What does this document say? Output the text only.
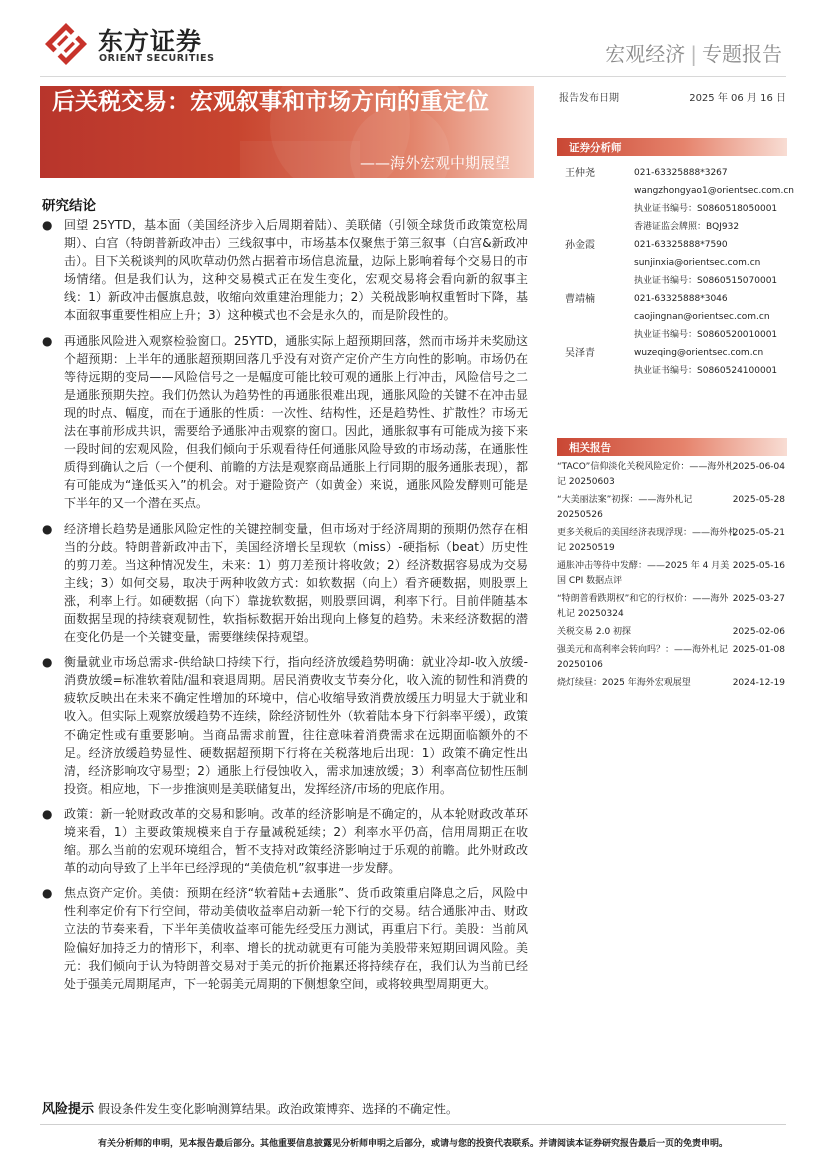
东方证券
ORIENT SECURITIES	宏观经济 | 专题报告
后关税交易：宏观叙事和市场方向的重定位
——海外宏观中期展望
报告发布日期	2025 年 06 月 16 日
证券分析师
王仲尧	021-63325888*3267
wangzhongyao1@orientsec.com.cn
执业证书编号：S0860518050001
香港证监会牌照：BQJ932
孙金霞	021-63325888*7590
sunjinxia@orientsec.com.cn
执业证书编号：S0860515070001
曹靖楠	021-63325888*3046
caojingnan@orientsec.com.cn
执业证书编号：S0860520010001
吴泽青	wuzeqing@orientsec.com.cn
执业证书编号：S0860524100001
相关报告
“TACO”信仰淡化关税风险定价：——海外札记 20250603
2025-06-04
“大美丽法案”初探：——海外札记 20250526
2025-05-28
更多关税后的美国经济表现浮现：——海外札记 20250519
2025-05-21
通胀冲击等待中发酵：——2025 年 4 月美国 CPI 数据点评
2025-05-16
“特朗普看跌期权”和它的行权价：——海外札记 20250324
2025-03-27
关税交易 2.0 初探	2025-02-06
强美元和高利率会转向吗？：——海外札记 20250106
2025-01-08
烧灯续昼：2025 年海外宏观展望	2024-12-19
研究结论
● 回望 25YTD，基本面（美国经济步入后周期着陆）、美联储（引领全球货币政策宽松周期）、白宫（特朗普新政冲击）三线叙事中，市场基本仅聚焦于第三叙事（白宫&新政冲击）。目下关税谈判的风吹草动仍然占据着市场信息流量，边际上影响着每个交易日的市场情绪。但是我们认为，这种交易模式正在发生变化，宏观交易将会看向新的叙事主线：1）新政冲击偃旗息鼓，收缩向效重建治理能力；2）关税战影响权重暂时下降，基本面叙事重要性相应上升；3）这种模式也不会是永久的，而是阶段性的。
● 再通胀风险进入观察检验窗口。25YTD，通胀实际上超预期回落，然而市场并未奖励这个超预期：上半年的通胀超预期回落几乎没有对资产定价产生方向性的影响。市场仍在等待远期的变局——风险信号之一是幅度可能比较可观的通胀上行冲击，风险信号之二是通胀预期失控。我们仍然认为趋势性的再通胀很难出现，通胀风险的关键不在冲击显现的时点、幅度，而在于通胀的性质：一次性、结构性，还是趋势性、扩散性？市场无法在事前形成共识，需要给予通胀冲击观察的窗口。因此，通胀叙事有可能成为接下来一段时间的宏观风险，但我们倾向于乐观看待任何通胀风险导致的市场动荡，在通胀性质得到确认之后（一个便利、前瞻的方法是观察商品通胀上行同期的服务通胀表现），都有可能成为“逢低买入”的机会。对于避险资产（如黄金）来说，通胀风险发酵则可能是下半年的又一个潜在买点。
● 经济增长趋势是通胀风险定性的关键控制变量，但市场对于经济周期的预期仍然存在相当的分歧。特朗普新政冲击下，美国经济增长呈现软（miss）-硬指标（beat）历史性的剪刀差。当这种情况发生，未来：1）剪刀差预计将收敛；2）经济数据容易成为交易主线；3）如何交易，取决于两种收敛方式：如软数据（向上）看齐硬数据，则股票上涨，利率上行。如硬数据（向下）靠拢软数据，则股票回调，利率下行。目前伴随基本面数据呈现的持续衰观韧性，软指标数据开始出现向上修复的趋势。未来经济数据的潜在变化仍是一个关键变量，需要继续保持观望。
● 衡量就业市场总需求-供给缺口持续下行，指向经济放缓趋势明确：就业冷却-收入放缓-消费放缓=标准软着陆/温和衰退周期。居民消费收支节奏分化，收入流的韧性和消费的疲软反映出在未来不确定性增加的环境中，信心收缩导致消费放缓压力明显大于就业和收入。但实际上观察放缓趋势不连续，除经济韧性外（软着陆本身下行斜率平缓），政策不确定性或有重要影响。当商品需求前置，往往意味着消费需求在远期面临额外的不足。经济放缓趋势显性、硬数据超预期下行将在关税落地后出现：1）政策不确定性出清，经济影响攻守易型；2）通胀上行侵蚀收入，需求加速放缓；3）利率高位韧性压制投资。相应地，下一步推演则是美联储复出，发挥经济/市场的兜底作用。
● 政策：新一轮财政改革的交易和影响。改革的经济影响是不确定的，从本轮财政改革环境来看，1）主要政策规模来自于存量减税延续；2）利率水平仍高，信用周期正在收缩。那么当前的宏观环境组合，暂不支持对政策经济影响过于乐观的前瞻。此外财政改革的动向导致了上半年已经浮现的“美债危机”叙事进一步发酵。
● 焦点资产定价。美债：预期在经济“软着陆+去通胀”、货币政策重启降息之后，风险中性利率定价有下行空间，带动美债收益率启动新一轮下行的交易。结合通胀冲击、财政立法的节奏来看，下半年美债收益率可能先经受压力测试，再重启下行。美股：当前风险偏好加持乏力的情形下，利率、增长的扰动就更有可能为美股带来短期回调风险。美元：我们倾向于认为特朗普交易对于美元的折价拖累还将持续存在，我们认为当前已经处于强美元周期尾声，下一轮弱美元周期的下侧想象空间，或将较典型周期更大。
风险提示 假设条件发生变化影响测算结果。政治政策博弈、选择的不确定性。
有关分析师的申明，见本报告最后部分。其他重要信息披露见分析师申明之后部分，或请与您的投资代表联系。并请阅读本证券研究报告最后一页的免责申明。
